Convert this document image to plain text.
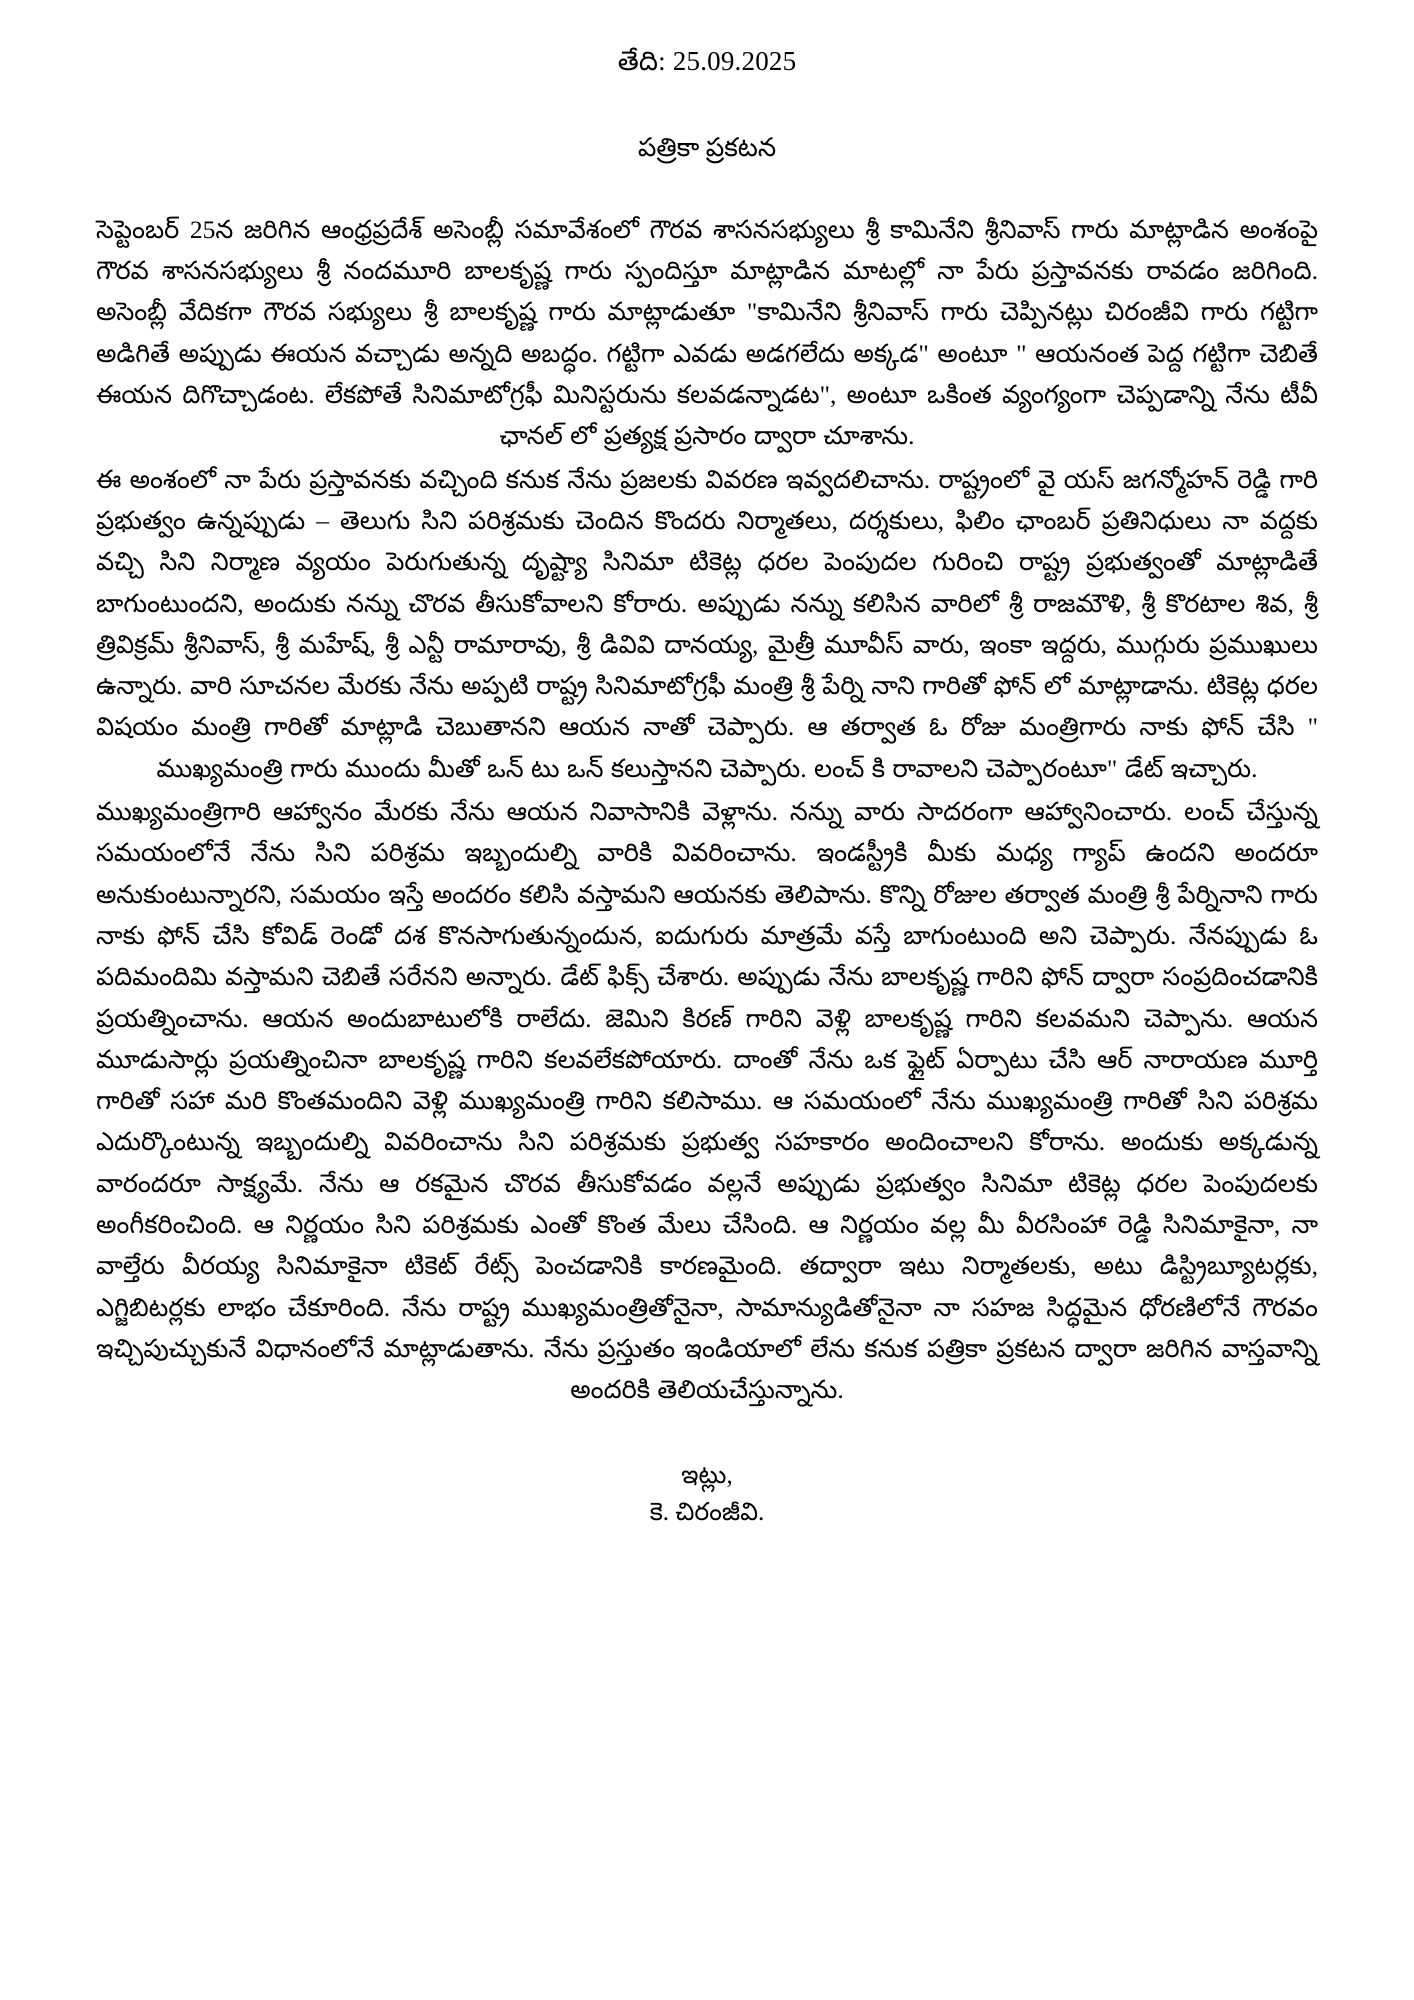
తేది: 25.09.2025
పత్రికా ప్రకటన

సెప్టెంబర్ 25న జరిగిన ఆంధ్రప్రదేశ్ అసెంబ్లీ సమావేశంలో గౌరవ శాసనసభ్యులు శ్రీ కామినేని శ్రీనివాస్ గారు మాట్లాడిన అంశంపై గౌరవ శాసనసభ్యులు శ్రీ నందమూరి బాలకృష్ణ గారు స్పందిస్తూ మాట్లాడిన మాటల్లో నా పేరు ప్రస్తావనకు రావడం జరిగింది. అసెంబ్లీ వేదికగా గౌరవ సభ్యులు శ్రీ బాలకృష్ణ గారు మాట్లాడుతూ "కామినేని శ్రీనివాస్ గారు చెప్పినట్లు చిరంజీవి గారు గట్టిగా అడిగితే అప్పుడు ఈయన వచ్చాడు అన్నది అబద్ధం. గట్టిగా ఎవడు అడగలేదు అక్కడ" అంటూ " ఆయనంత పెద్ద గట్టిగా చెబితే ఈయన దిగొచ్చాడంట. లేకపోతే సినిమాటోగ్రఫీ మినిస్టరును కలవడన్నాడట", అంటూ ఒకింత వ్యంగ్యంగా చెప్పడాన్ని నేను టీవీ ఛానల్ లో ప్రత్యక్ష ప్రసారం ద్వారా చూశాను.

ఈ అంశంలో నా పేరు ప్రస్తావనకు వచ్చింది కనుక నేను ప్రజలకు వివరణ ఇవ్వదలిచాను. రాష్ట్రంలో వై యస్ జగన్మోహన్ రెడ్డి గారి ప్రభుత్వం ఉన్నప్పుడు – తెలుగు సిని పరిశ్రమకు చెందిన కొందరు నిర్మాతలు, దర్శకులు, ఫిలిం ఛాంబర్ ప్రతినిధులు నా వద్దకు వచ్చి సిని నిర్మాణ వ్యయం పెరుగుతున్న దృష్ట్యా సినిమా టికెట్ల ధరల పెంపుదల గురించి రాష్ట్ర ప్రభుత్వంతో మాట్లాడితే బాగుంటుందని, అందుకు నన్ను చొరవ తీసుకోవాలని కోరారు. అప్పుడు నన్ను కలిసిన వారిలో శ్రీ రాజమౌళి, శ్రీ కొరటాల శివ, శ్రీ త్రివిక్రమ్ శ్రీనివాస్, శ్రీ మహేష్, శ్రీ ఎన్టీ రామారావు, శ్రీ డివివి దానయ్య, మైత్రీ మూవీస్ వారు, ఇంకా ఇద్దరు, ముగ్గురు ప్రముఖులు ఉన్నారు. వారి సూచనల మేరకు నేను అప్పటి రాష్ట్ర సినిమాటోగ్రఫీ మంత్రి శ్రీ పేర్ని నాని గారితో ఫోన్ లో మాట్లాడాను. టికెట్ల ధరల విషయం మంత్రి గారితో మాట్లాడి చెబుతానని ఆయన నాతో చెప్పారు. ఆ తర్వాత ఓ రోజు మంత్రిగారు నాకు ఫోన్ చేసి " ముఖ్యమంత్రి గారు ముందు మీతో ఒన్ టు ఒన్ కలుస్తానని చెప్పారు. లంచ్ కి రావాలని చెప్పారంటూ" డేట్ ఇచ్చారు.

ముఖ్యమంత్రిగారి ఆహ్వానం మేరకు నేను ఆయన నివాసానికి వెళ్లాను. నన్ను వారు సాదరంగా ఆహ్వానించారు. లంచ్ చేస్తున్న సమయంలోనే నేను సిని పరిశ్రమ ఇబ్బందుల్ని వారికి వివరించాను. ఇండస్ట్రీకి మీకు మధ్య గ్యాప్ ఉందని అందరూ అనుకుంటున్నారని, సమయం ఇస్తే అందరం కలిసి వస్తామని ఆయనకు తెలిపాను. కొన్ని రోజుల తర్వాత మంత్రి శ్రీ పేర్నినాని గారు నాకు ఫోన్ చేసి కోవిడ్ రెండో దశ కొనసాగుతున్నందున, ఐదుగురు మాత్రమే వస్తే బాగుంటుంది అని చెప్పారు. నేనప్పుడు ఓ పదిమందిమి వస్తామని చెబితే సరేనని అన్నారు. డేట్ ఫిక్స్ చేశారు. అప్పుడు నేను బాలకృష్ణ గారిని ఫోన్ ద్వారా సంప్రదించడానికి ప్రయత్నించాను. ఆయన అందుబాటులోకి రాలేదు. జెమిని కిరణ్ గారిని వెళ్లి బాలకృష్ణ గారిని కలవమని చెప్పాను. ఆయన మూడుసార్లు ప్రయత్నించినా బాలకృష్ణ గారిని కలవలేకపోయారు. దాంతో నేను ఒక ఫ్లైట్ ఏర్పాటు చేసి ఆర్ నారాయణ మూర్తి గారితో సహా మరి కొంతమందిని వెళ్లి ముఖ్యమంత్రి గారిని కలిసాము. ఆ సమయంలో నేను ముఖ్యమంత్రి గారితో సిని పరిశ్రమ ఎదుర్కొంటున్న ఇబ్బందుల్ని వివరించాను సిని పరిశ్రమకు ప్రభుత్వ సహకారం అందించాలని కోరాను. అందుకు అక్కడున్న వారందరూ సాక్ష్యమే. నేను ఆ రకమైన చొరవ తీసుకోవడం వల్లనే అప్పుడు ప్రభుత్వం సినిమా టికెట్ల ధరల పెంపుదలకు అంగీకరించింది. ఆ నిర్ణయం సిని పరిశ్రమకు ఎంతో కొంత మేలు చేసింది. ఆ నిర్ణయం వల్ల మీ వీరసింహా రెడ్డి సినిమాకైనా, నా వాల్తేరు వీరయ్య సినిమాకైనా టికెట్ రేట్స్ పెంచడానికి కారణమైంది. తద్వారా ఇటు నిర్మాతలకు, అటు డిస్ట్రిబ్యూటర్లకు, ఎగ్జిబిటర్లకు లాభం చేకూరింది. నేను రాష్ట్ర ముఖ్యమంత్రితోనైనా, సామాన్యుడితోనైనా నా సహజ సిద్ధమైన ధోరణిలోనే గౌరవం ఇచ్చిపుచ్చుకునే విధానంలోనే మాట్లాడుతాను. నేను ప్రస్తుతం ఇండియాలో లేను కనుక పత్రికా ప్రకటన ద్వారా జరిగిన వాస్తవాన్ని అందరికి తెలియచేస్తున్నాను.

ఇట్లు,
కె. చిరంజీవి.
